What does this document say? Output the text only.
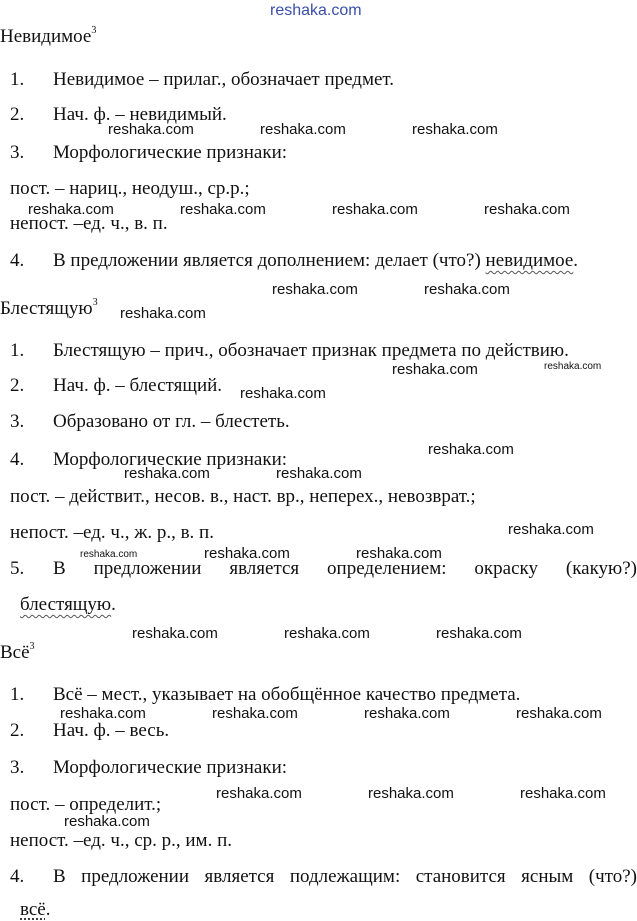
reshaka.com
Невидимое$^3$
1. Невидимое – прилаг., обозначает предмет.
2. Нач. ф. – невидимый.
3. Морфологические признаки:
пост. – нариц., неодуш., ср.р.;
непост. –ед. ч., в. п.
4. В предложении является дополнением: делает (что?) невидимое.
Блестящую$^3$
1. Блестящую – прич., обозначает признак предмета по действию.
2. Нач. ф. – блестящий.
3. Образовано от гл. – блестеть.
4. Морфологические признаки:
пост. – действит., несов. в., наст. вр., неперех., невозврат.;
непост. –ед. ч., ж. р., в. п.
5. В предложении является определением: окраску (какую?)
блестящую.
Всё$^3$
1. Всё – мест., указывает на обобщённое качество предмета.
2. Нач. ф. – весь.
3. Морфологические признаки:
пост. – определит.;
непост. –ед. ч., ср. р., им. п.
4. В предложении является подлежащим: становится ясным (что?)
всё.
reshaka.com	reshaka.com	reshaka.com
reshaka.com	reshaka.com	reshaka.com	reshaka.com
reshaka.com	reshaka.com
reshaka.com
reshaka.com	reshaka.com
reshaka.com
reshaka.com
reshaka.com	reshaka.com
reshaka.com
reshaka.com	reshaka.com	reshaka.com
reshaka.com	reshaka.com	reshaka.com
reshaka.com	reshaka.com	reshaka.com	reshaka.com
reshaka.com	reshaka.com	reshaka.com
reshaka.com
